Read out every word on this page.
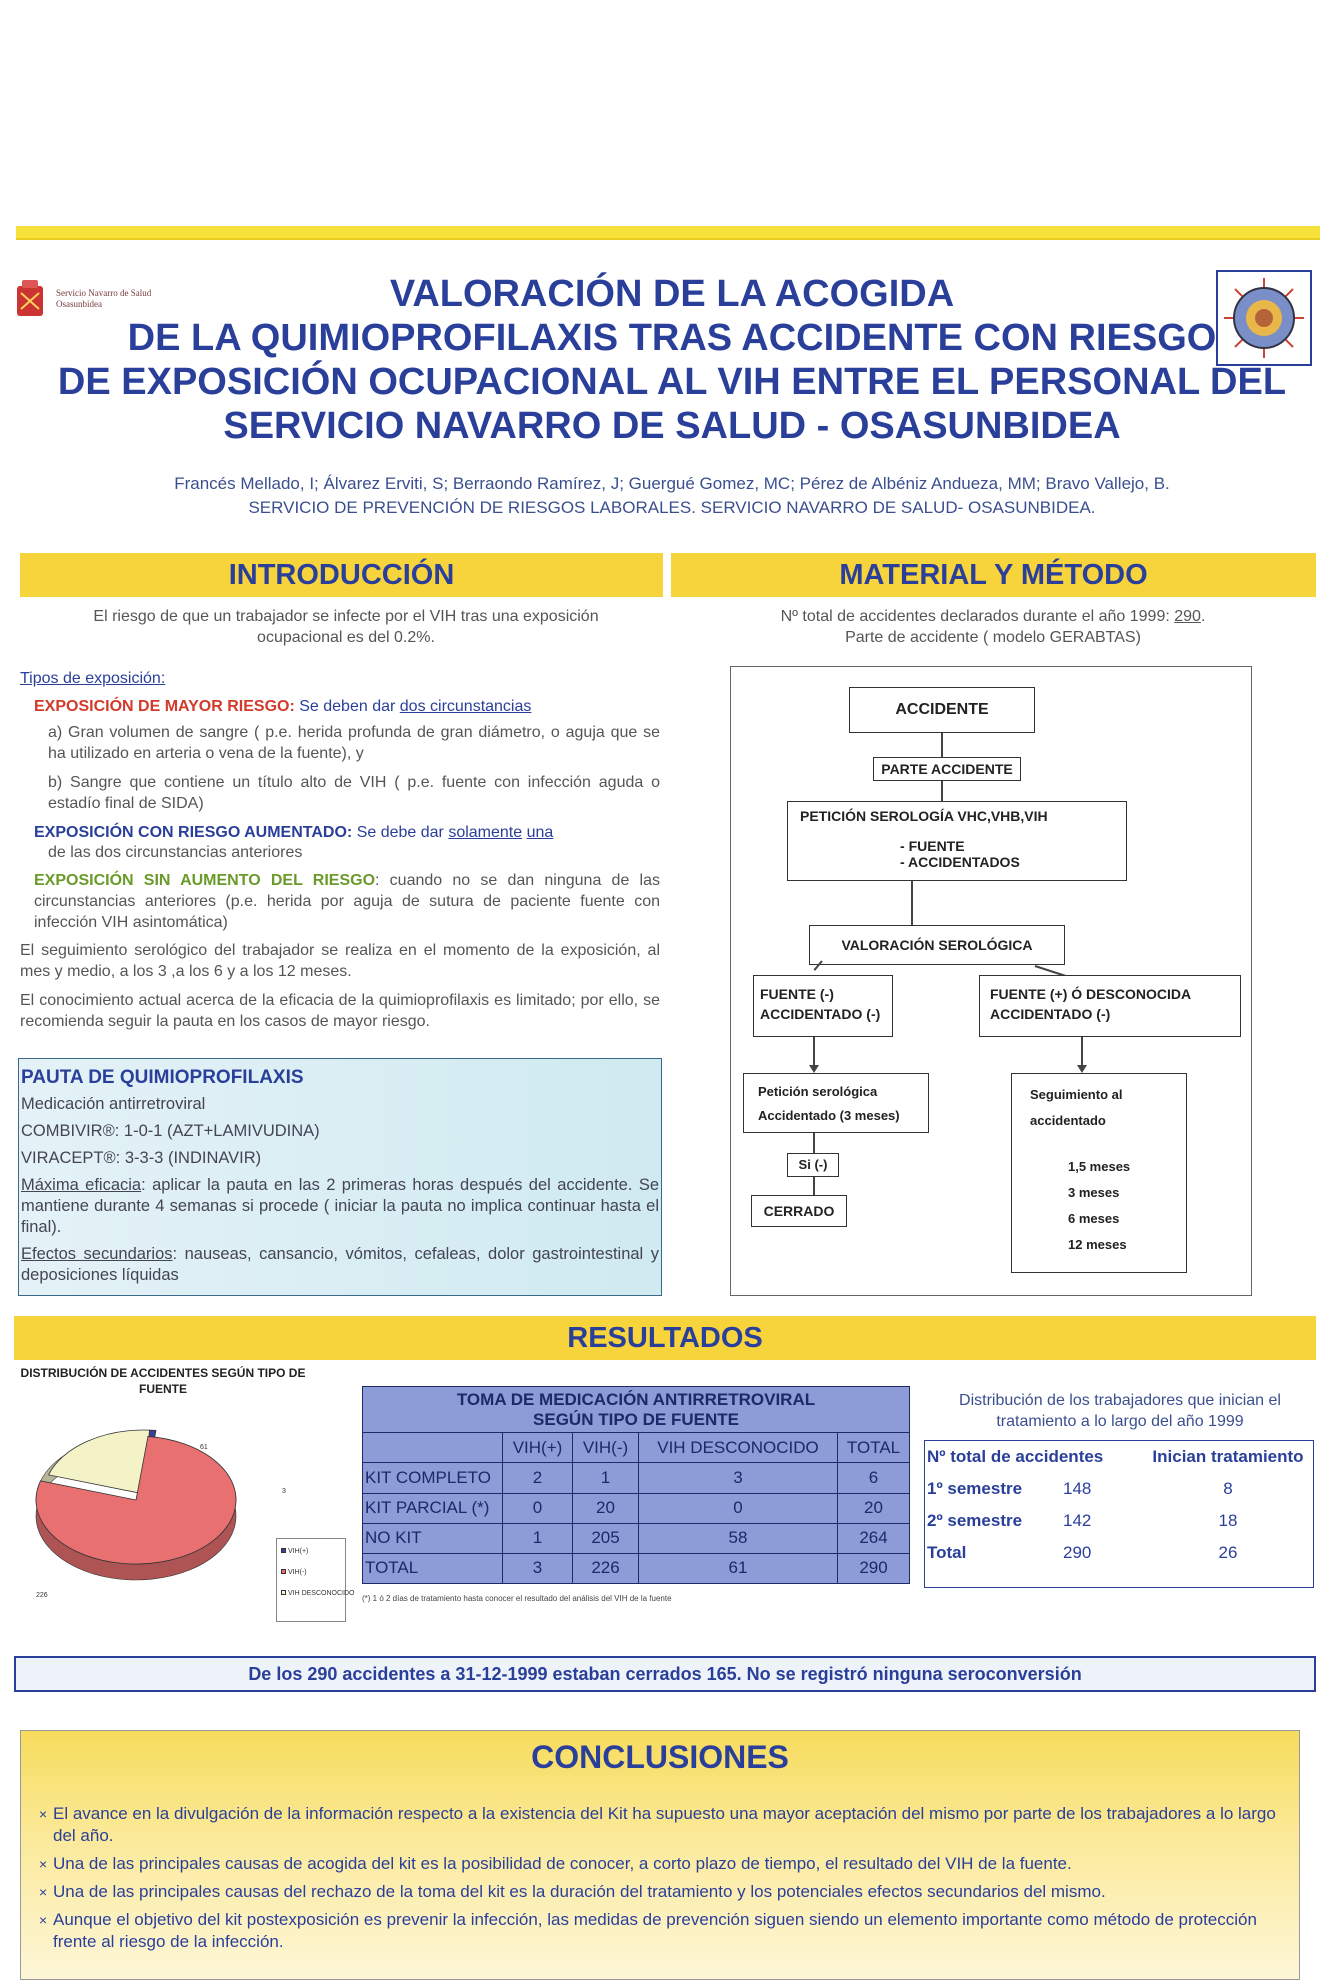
Servicio Navarro de Salud
Osasunbidea	VALORACIÓN DE LA ACOGIDA
DE LA QUIMIOPROFILAXIS TRAS ACCIDENTE CON RIESGO
DE EXPOSICIÓN OCUPACIONAL AL VIH ENTRE EL PERSONAL DEL
SERVICIO NAVARRO DE SALUD - OSASUNBIDEA
Francés Mellado, I; Álvarez Erviti, S; Berraondo Ramírez, J; Guergué Gomez, MC; Pérez de Albéniz Andueza, MM; Bravo Vallejo, B.
SERVICIO DE PREVENCIÓN DE RIESGOS LABORALES. SERVICIO NAVARRO DE SALUD- OSASUNBIDEA.
INTRODUCCIÓN
El riesgo de que un trabajador se infecte por el VIH tras una exposición ocupacional es del 0.2%.
Tipos de exposición:
EXPOSICIÓN DE MAYOR RIESGO: Se deben dar dos circunstancias
a) Gran volumen de sangre ( p.e. herida profunda de gran diámetro, o aguja que se ha utilizado en arteria o vena de la fuente), y
b) Sangre que contiene un título alto de VIH ( p.e. fuente con infección aguda o estadío final de SIDA)
EXPOSICIÓN CON RIESGO AUMENTADO: Se debe dar solamente una
de las dos circunstancias anteriores
EXPOSICIÓN SIN AUMENTO DEL RIESGO: cuando no se dan ninguna de las circunstancias anteriores (p.e. herida por aguja de sutura de paciente fuente con infección VIH asintomática)
El seguimiento serológico del trabajador se realiza en el momento de la exposición, al mes y medio, a los 3 ,a los 6 y a los 12 meses.
El conocimiento actual acerca de la eficacia de la quimioprofilaxis es limitado; por ello, se recomienda seguir la pauta en los casos de mayor riesgo.
PAUTA DE QUIMIOPROFILAXIS
Medicación antirretroviral
COMBIVIR®: 1-0-1 (AZT+LAMIVUDINA)
VIRACEPT®: 3-3-3 (INDINAVIR)
Máxima eficacia: aplicar la pauta en las 2 primeras horas después del accidente. Se mantiene durante 4 semanas si procede ( iniciar la pauta no implica continuar hasta el final).
Efectos secundarios: nauseas, cansancio, vómitos, cefaleas, dolor gastrointestinal y deposiciones líquidas
MATERIAL Y MÉTODO
Nº total de accidentes declarados durante el año 1999: 290.
Parte de accidente ( modelo GERABTAS)
ACCIDENTE
PARTE ACCIDENTE
PETICIÓN SEROLOGÍA VHC,VHB,VIH
- FUENTE
- ACCIDENTADOS
VALORACIÓN SEROLÓGICA
FUENTE (-)
ACCIDENTADO (-)
FUENTE (+) Ó DESCONOCIDA
ACCIDENTADO (-)
Petición serológica
Accidentado (3 meses)
Si (-)
CERRADO
Seguimiento al
accidentado
1,5 meses
3 meses
6 meses
12 meses
RESULTADOS
DISTRIBUCIÓN DE ACCIDENTES SEGÚN TIPO DE FUENTE
61
3
226
VIH(+)
VIH(-)
VIH DESCONOCIDO
TOMA DE MEDICACIÓN ANTIRRETROVIRAL
SEGÚN TIPO DE FUENTE				

	VIH(+)	VIH(-)	VIH DESCONOCIDO	TOTAL
KIT COMPLETO	2	1	3	6
KIT PARCIAL (*)	0	20	0	20
NO KIT	1	205	58	264
TOTAL	3	226	61	290
(*) 1 ó 2 días de tratamiento hasta conocer el resultado del análisis del VIH de la fuente
Distribución de los trabajadores que inician el tratamiento a lo largo del año 1999
Nº total de accidentes		Inician tratamiento
1º semestre	148	8
2º semestre	142	18
Total	290	26
De los 290 accidentes a 31-12-1999 estaban cerrados 165. No se registró ninguna seroconversión
CONCLUSIONES
× El avance en la divulgación de la información respecto a la existencia del Kit ha supuesto una mayor aceptación del mismo por parte de los trabajadores a lo largo del año.
× Una de las principales causas de acogida del kit es la posibilidad de conocer, a corto plazo de tiempo, el resultado del VIH de la fuente.
× Una de las principales causas del rechazo de la toma del kit es la duración del tratamiento y los potenciales efectos secundarios del mismo.
× Aunque el objetivo del kit postexposición es prevenir la infección, las medidas de prevención siguen siendo un elemento importante como método de protección frente al riesgo de la infección.
